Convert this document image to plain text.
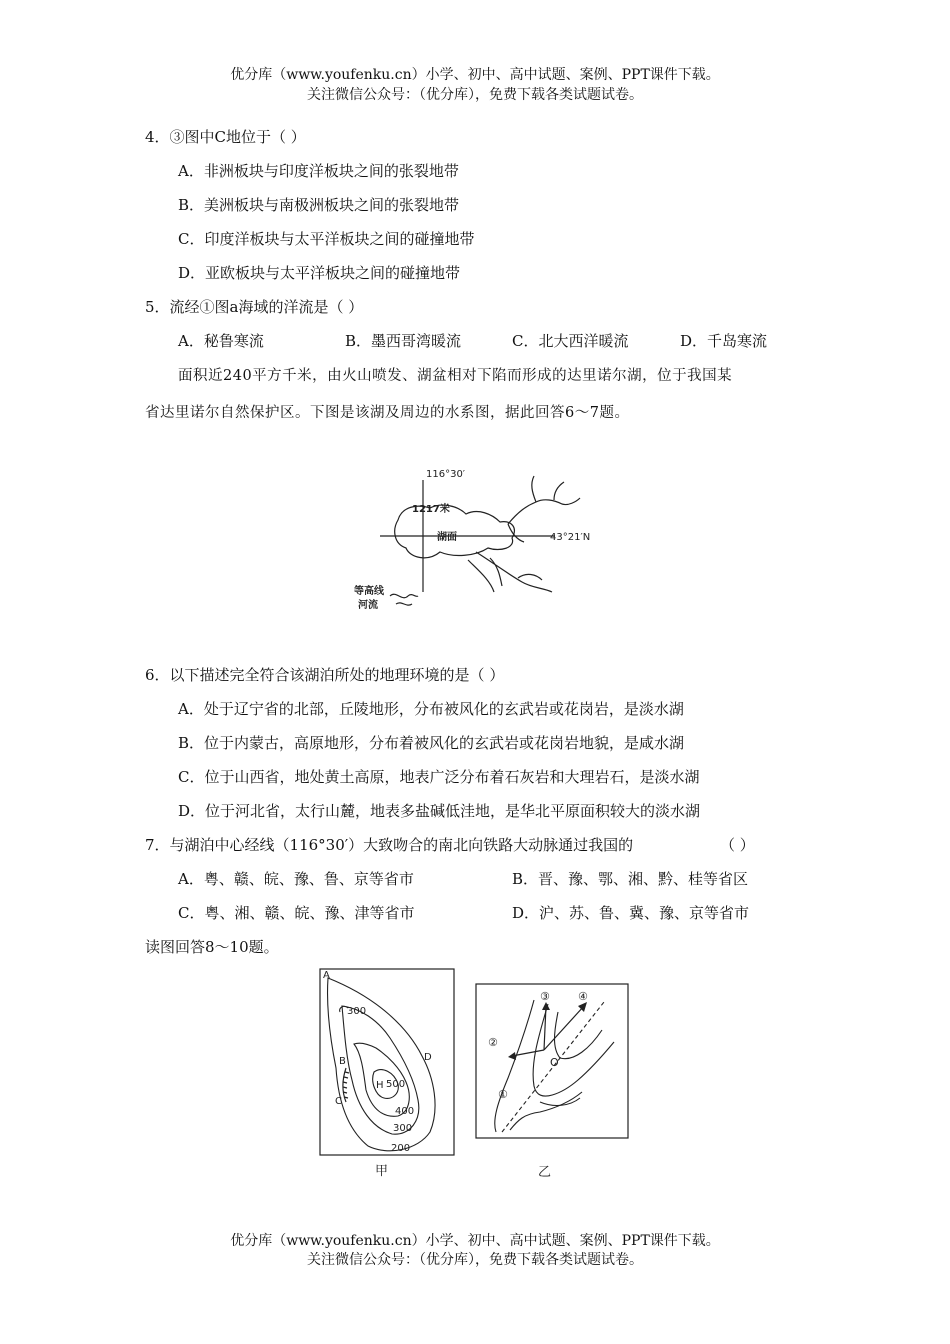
优分库（www.youfenku.cn）小学、初中、高中试题、案例、PPT课件下载。
关注微信公众号：（优分库），免费下载各类试题试卷。
4．③图中C地位于（ ）
A．非洲板块与印度洋板块之间的张裂地带
B．美洲板块与南极洲板块之间的张裂地带
C．印度洋板块与太平洋板块之间的碰撞地带
D．亚欧板块与太平洋板块之间的碰撞地带
5．流经①图a海域的洋流是（ ）
A．秘鲁寒流	B．墨西哥湾暖流	C．北大西洋暖流	D．千岛寒流
面积近240平方千米，由火山喷发、湖盆相对下陷而形成的达里诺尔湖，位于我国某
省达里诺尔自然保护区。下图是该湖及周边的水系图，据此回答6～7题。
116°30′
1217米
湖面	43°21′N
等高线
河流
6．以下描述完全符合该湖泊所处的地理环境的是（ ）
A．处于辽宁省的北部，丘陵地形，分布被风化的玄武岩或花岗岩，是淡水湖
B．位于内蒙古，高原地形，分布着被风化的玄武岩或花岗岩地貌，是咸水湖
C．位于山西省，地处黄土高原，地表广泛分布着石灰岩和大理岩石，是淡水湖
D．位于河北省，太行山麓，地表多盐碱低洼地，是华北平原面积较大的淡水湖
7．与湖泊中心经线（116°30′）大致吻合的南北向铁路大动脉通过我国的	（ ）
A．粤、赣、皖、豫、鲁、京等省市	B．晋、豫、鄂、湘、黔、桂等省区
C．粤、湘、赣、皖、豫、津等省市	D．沪、苏、鲁、冀、豫、京等省市
读图回答8～10题。
A
B
C
D
H
300
500
400
300
200
甲
③	④
②
①
O
乙
优分库（www.youfenku.cn）小学、初中、高中试题、案例、PPT课件下载。
关注微信公众号：（优分库），免费下载各类试题试卷。
